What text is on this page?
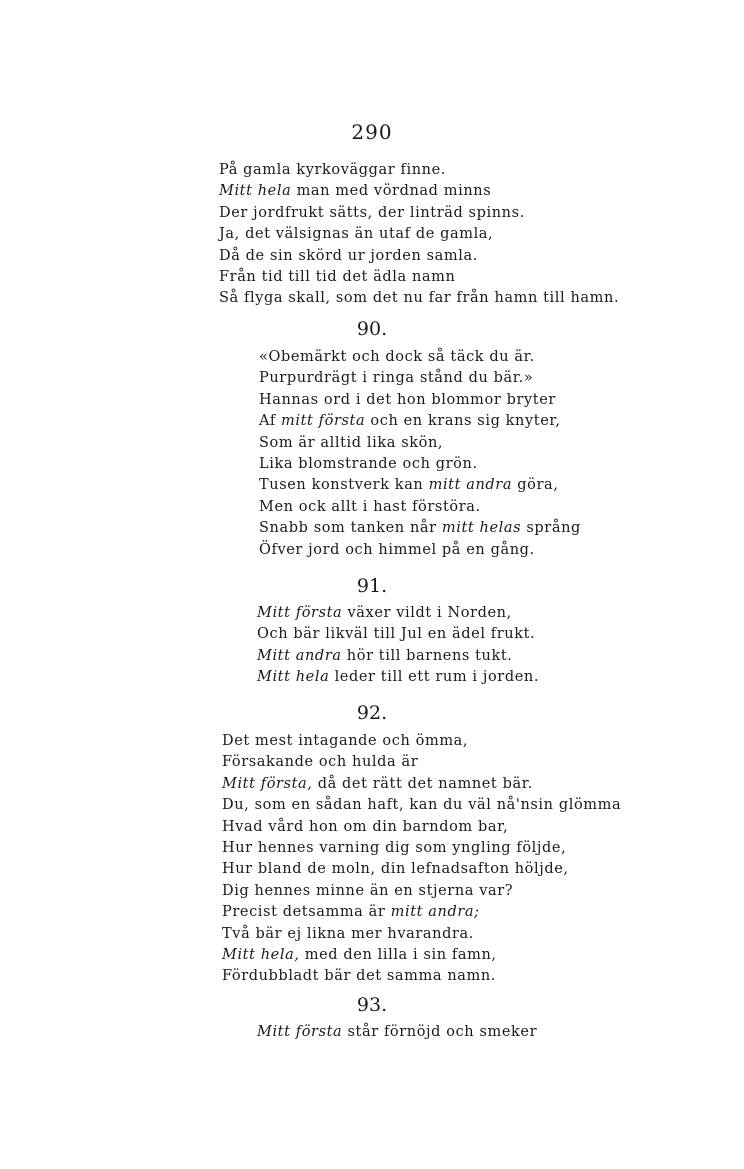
290
På gamla kyrkoväggar finne.
Mitt hela man med vördnad minns
Der jordfrukt sätts, der linträd spinns.
Ja, det välsignas än utaf de gamla,
Då de sin skörd ur jorden samla.
Från tid till tid det ädla namn
Så flyga skall, som det nu far från hamn till hamn.
90.
«Obemärkt och dock så täck du är.
Purpurdrägt i ringa stånd du bär.»
Hannas ord i det hon blommor bryter
Af mitt första och en krans sig knyter,
Som är alltid lika skön,
Lika blomstrande och grön.
Tusen konstverk kan mitt andra göra,
Men ock allt i hast förstöra.
Snabb som tanken når mitt helas språng
Öfver jord och himmel på en gång.
91.
Mitt första växer vildt i Norden,
Och bär likväl till Jul en ädel frukt.
Mitt andra hör till barnens tukt.
Mitt hela leder till ett rum i jorden.
92.
Det mest intagande och ömma,
Försakande och hulda är
Mitt första, då det rätt det namnet bär.
Du, som en sådan haft, kan du väl nå'nsin glömma
Hvad vård hon om din barndom bar,
Hur hennes varning dig som yngling följde,
Hur bland de moln, din lefnadsafton höljde,
Dig hennes minne än en stjerna var?
Precist detsamma är mitt andra;
Två bär ej likna mer hvarandra.
Mitt hela, med den lilla i sin famn,
Fördubbladt bär det samma namn.
93.
Mitt första står förnöjd och smeker
